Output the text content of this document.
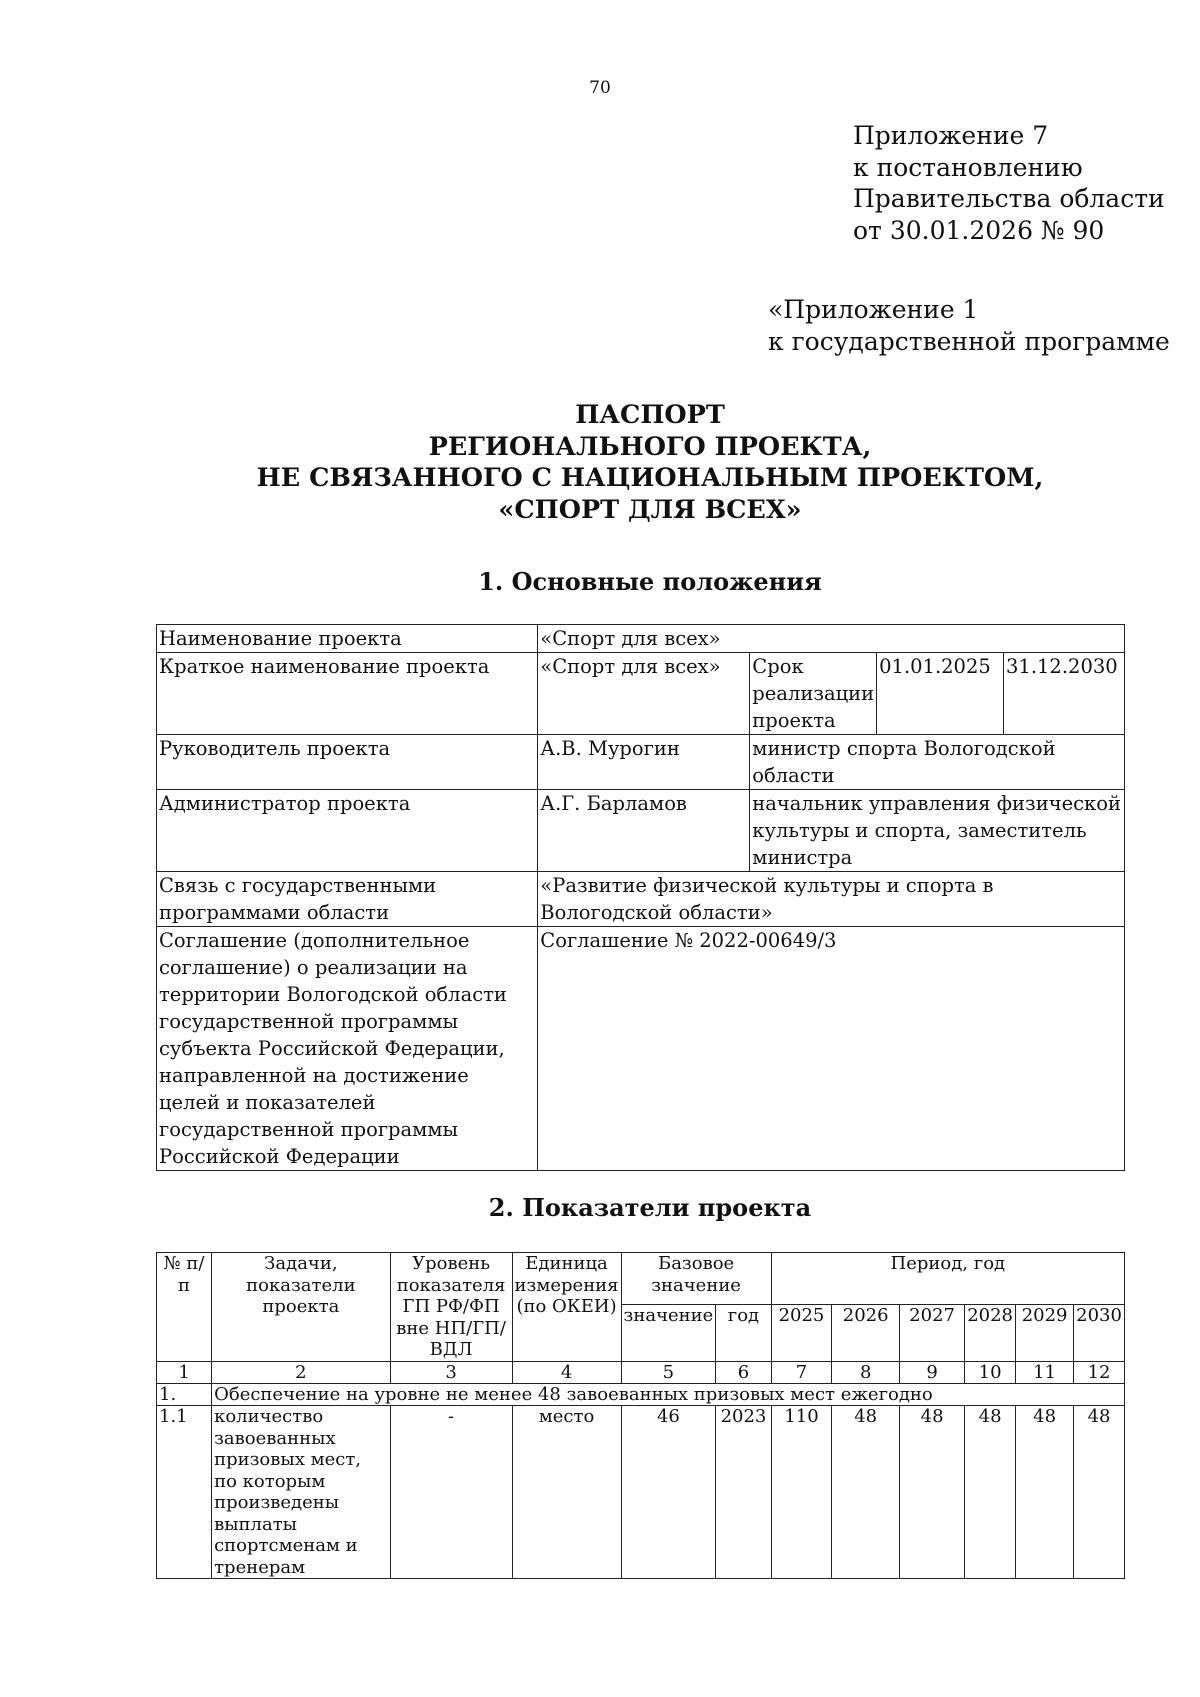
70
Приложение 7
к постановлению
Правительства области
от 30.01.2026 № 90
«Приложение 1
к государственной программе
ПАСПОРТ
РЕГИОНАЛЬНОГО ПРОЕКТА,
НЕ СВЯЗАННОГО С НАЦИОНАЛЬНЫМ ПРОЕКТОМ,
«СПОРТ ДЛЯ ВСЕХ»
1. Основные положения
Наименование проекта	«Спорт для всех»			
Краткое наименование проекта	«Спорт для всех»	Срок реализации проекта	01.01.2025	31.12.2030
Руководитель проекта	А.В. Мурогин	министр спорта Вологодской области		
Администратор проекта	А.Г. Барламов	начальник управления физической культуры и спорта, заместитель министра		
Связь с государственными программами области	«Развитие физической культуры и спорта в Вологодской области»			
Соглашение (дополнительное соглашение) о реализации на территории Вологодской области государственной программы субъекта Российской Федерации, направленной на достижение целей и показателей государственной программы Российской Федерации	Соглашение № 2022-00649/3			
2. Показатели проекта
№ п/п	Задачи, показатели проекта	Уровень показателя ГП РФ/ФП вне НП/ГП/ВДЛ	Единица измерения (по ОКЕИ)	Базовое значение		Период, год					
				значение	год	2025	2026	2027	2028	2029	2030
1	2	3	4	5	6	7	8	9	10	11	12
1.	Обеспечение на уровне не менее 48 завоеванных призовых мест ежегодно										
1.1	количество завоеванных призовых мест, по которым произведены выплаты спортсменам и тренерам	-	место	46	2023	110	48	48	48	48	48
